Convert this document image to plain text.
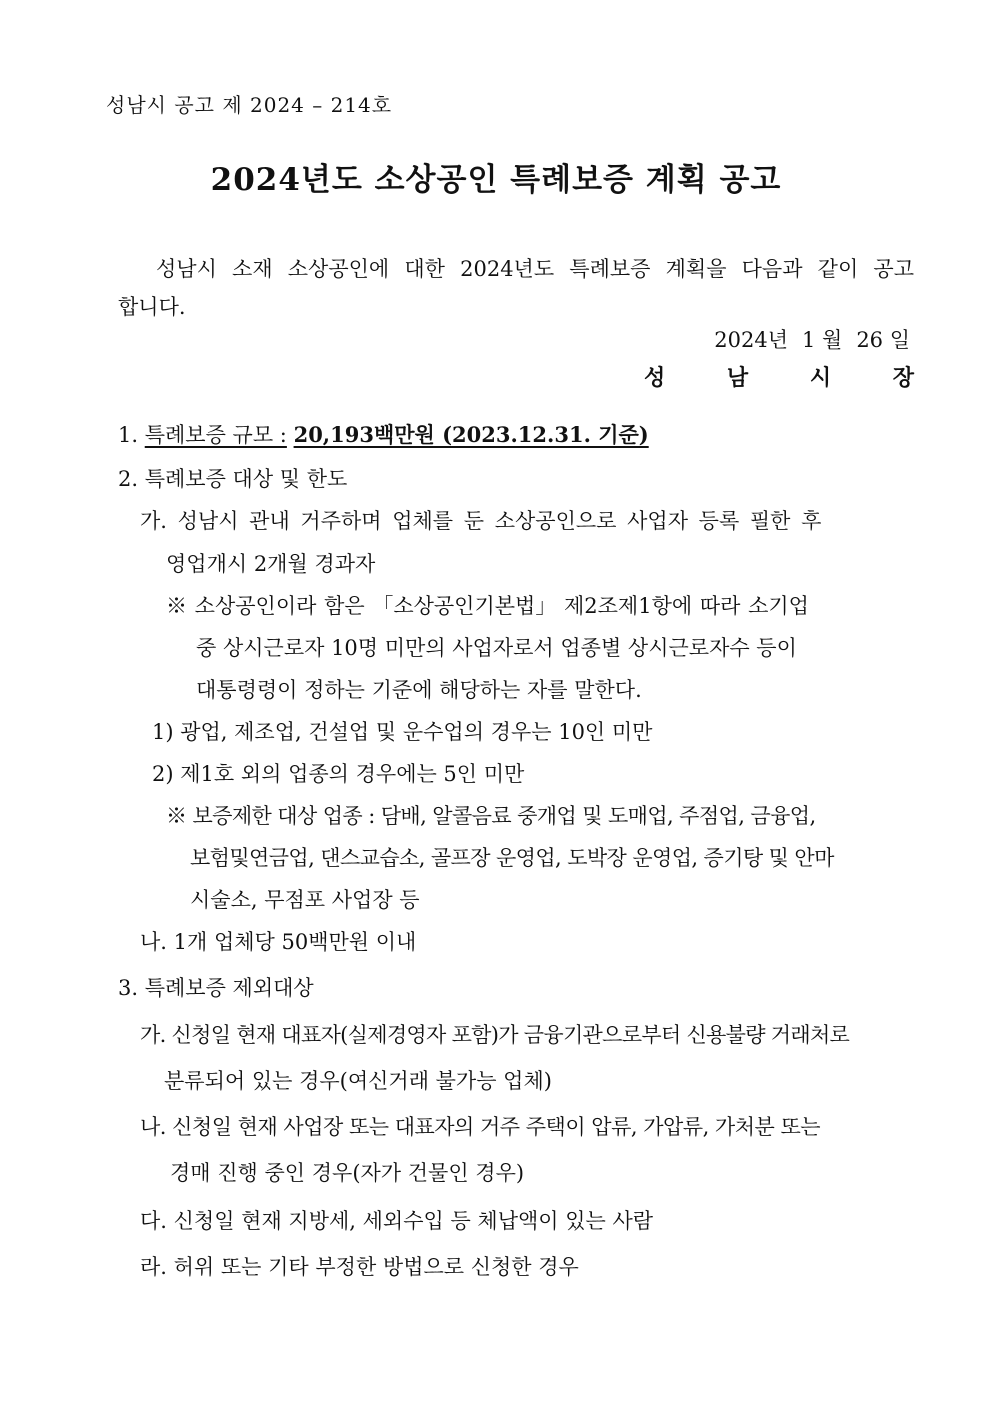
성남시 공고 제 2024 – 214호
2024년도 소상공인 특례보증 계획 공고
성남시 소재 소상공인에 대한 2024년도 특례보증 계획을 다음과 같이 공고 합니다.
2024년 1 월 26 일
성 남 시 장
1. 특례보증 규모 : 20,193백만원 (2023.12.31. 기준)
2. 특례보증 대상 및 한도
가. 성남시 관내 거주하며 업체를 둔 소상공인으로 사업자 등록 필한 후
영업개시 2개월 경과자
※ 소상공인이라 함은 「소상공인기본법」 제2조제1항에 따라 소기업
중 상시근로자 10명 미만의 사업자로서 업종별 상시근로자수 등이
대통령령이 정하는 기준에 해당하는 자를 말한다.
1) 광업, 제조업, 건설업 및 운수업의 경우는 10인 미만
2) 제1호 외의 업종의 경우에는 5인 미만
※ 보증제한 대상 업종 : 담배, 알콜음료 중개업 및 도매업, 주점업, 금융업,
보험및연금업, 댄스교습소, 골프장 운영업, 도박장 운영업, 증기탕 및 안마
시술소, 무점포 사업장 등
나. 1개 업체당 50백만원 이내
3. 특례보증 제외대상
가. 신청일 현재 대표자(실제경영자 포함)가 금융기관으로부터 신용불량 거래처로
분류되어 있는 경우(여신거래 불가능 업체)
나. 신청일 현재 사업장 또는 대표자의 거주 주택이 압류, 가압류, 가처분 또는
경매 진행 중인 경우(자가 건물인 경우)
다. 신청일 현재 지방세, 세외수입 등 체납액이 있는 사람
라. 허위 또는 기타 부정한 방법으로 신청한 경우
